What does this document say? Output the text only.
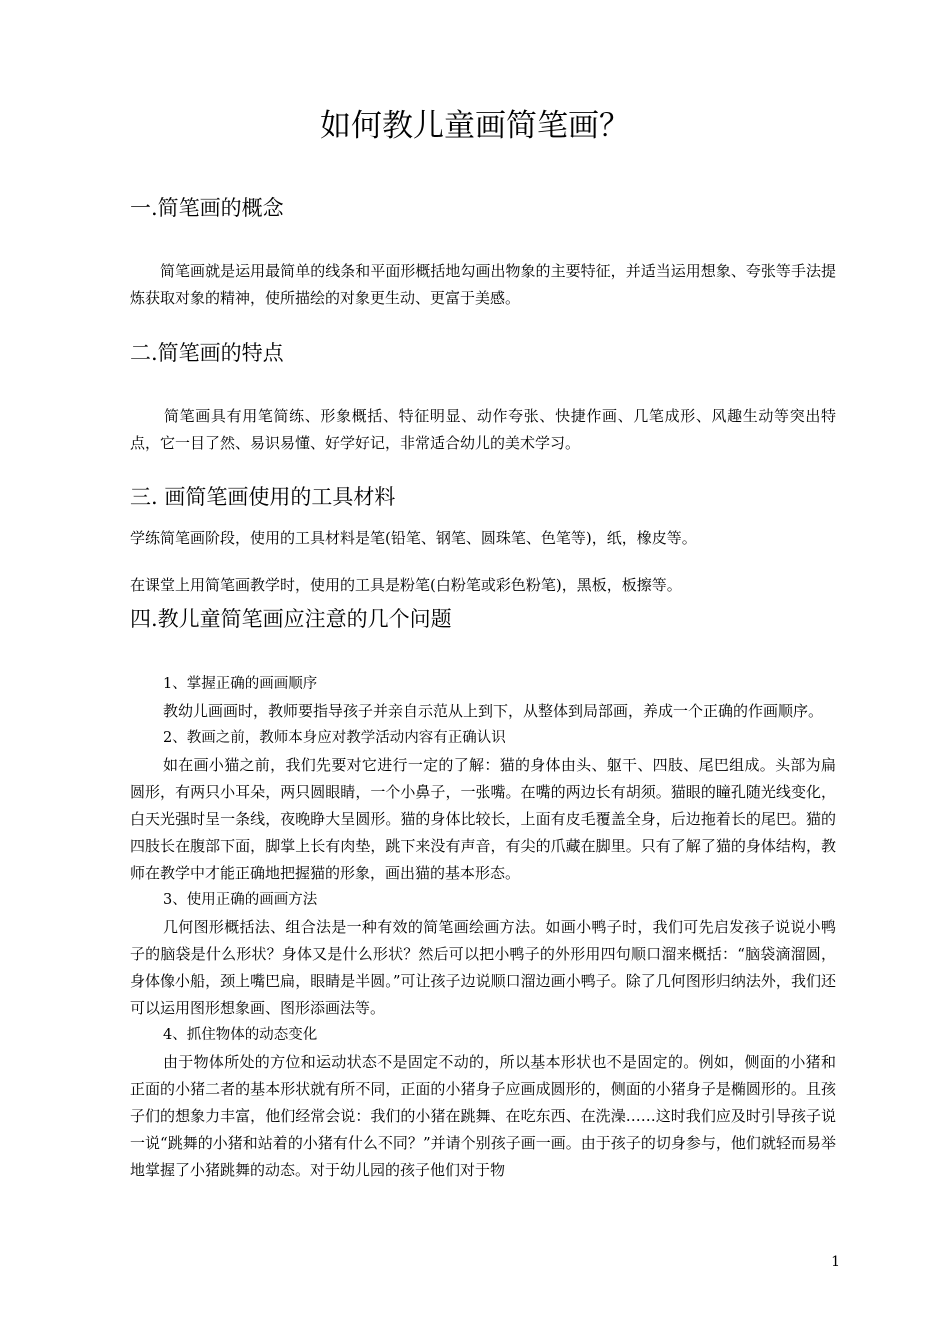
如何教儿童画简笔画？
一.简笔画的概念

简笔画就是运用最简单的线条和平面形概括地勾画出物象的主要特征，并适当运用想象、夸张等手法提炼获取对象的精神，使所描绘的对象更生动、更富于美感。

二.简笔画的特点

简笔画具有用笔简练、形象概括、特征明显、动作夸张、快捷作画、几笔成形、风趣生动等突出特点，它一目了然、易识易懂、好学好记，非常适合幼儿的美术学习。

三. 画简笔画使用的工具材料

学练简笔画阶段，使用的工具材料是笔(铅笔、钢笔、圆珠笔、色笔等)，纸，橡皮等。

在课堂上用简笔画教学时，使用的工具是粉笔(白粉笔或彩色粉笔)，黑板，板擦等。

四.教儿童简笔画应注意的几个问题

1、掌握正确的画画顺序

教幼儿画画时，教师要指导孩子并亲自示范从上到下，从整体到局部画，养成一个正确的作画顺序。

2、教画之前，教师本身应对教学活动内容有正确认识

如在画小猫之前，我们先要对它进行一定的了解：猫的身体由头、躯干、四肢、尾巴组成。头部为扁圆形，有两只小耳朵，两只圆眼睛，一个小鼻子，一张嘴。在嘴的两边长有胡须。猫眼的瞳孔随光线变化，白天光强时呈一条线，夜晚睁大呈圆形。猫的身体比较长，上面有皮毛覆盖全身，后边拖着长的尾巴。猫的四肢长在腹部下面，脚掌上长有肉垫，跳下来没有声音，有尖的爪藏在脚里。只有了解了猫的身体结构，教师在教学中才能正确地把握猫的形象，画出猫的基本形态。

3、使用正确的画画方法

几何图形概括法、组合法是一种有效的简笔画绘画方法。如画小鸭子时，我们可先启发孩子说说小鸭子的脑袋是什么形状？身体又是什么形状？然后可以把小鸭子的外形用四句顺口溜来概括：“脑袋滴溜圆，身体像小船，颈上嘴巴扁，眼睛是半圆。”可让孩子边说顺口溜边画小鸭子。除了几何图形归纳法外，我们还可以运用图形想象画、图形添画法等。

4、抓住物体的动态变化

由于物体所处的方位和运动状态不是固定不动的，所以基本形状也不是固定的。例如，侧面的小猪和正面的小猪二者的基本形状就有所不同，正面的小猪身子应画成圆形的，侧面的小猪身子是椭圆形的。且孩子们的想象力丰富，他们经常会说：我们的小猪在跳舞、在吃东西、在洗澡……这时我们应及时引导孩子说一说“跳舞的小猪和站着的小猪有什么不同？”并请个别孩子画一画。由于孩子的切身参与，他们就轻而易举地掌握了小猪跳舞的动态。对于幼儿园的孩子他们对于物

1
